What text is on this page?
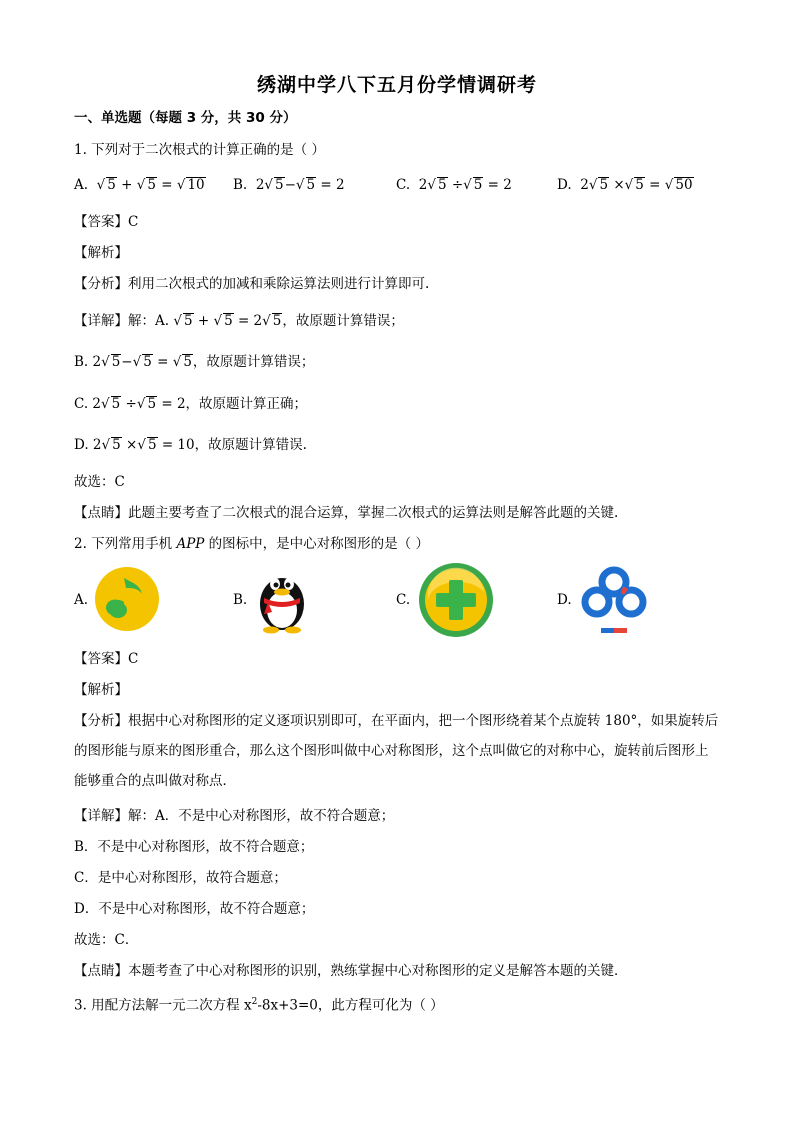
绣湖中学八下五月份学情调研考
一、单选题（每题 3 分，共 30 分）
1. 下列对于二次根式的计算正确的是（ ）
A.  √ 5 + √ 5 = √ 10 B. 2√ 5−√ 5 = 2	C. 2√ 5 ÷√ 5 = 2	D. 2√ 5 ×√ 5 = √ 50
【答案】C
【解析】
【分析】利用二次根式的加减和乘除运算法则进行计算即可.
【详解】解：A. √ 5 + √ 5 = 2√ 5，故原题计算错误；
B. 2√ 5−√ 5 = √ 5，故原题计算错误；
C. 2√ 5 ÷√ 5 = 2，故原题计算正确；
D. 2√ 5 ×√ 5 = 10，故原题计算错误.
故选：C
【点睛】此题主要考查了二次根式的混合运算，掌握二次根式的运算法则是解答此题的关键.
2. 下列常用手机 APP 的图标中，是中心对称图形的是（ ）
A.	B.	C.	D.
【答案】C
【解析】
【分析】根据中心对称图形的定义逐项识别即可，在平面内，把一个图形绕着某个点旋转 180°，如果旋转后的图形能与原来的图形重合，那么这个图形叫做中心对称图形，这个点叫做它的对称中心，旋转前后图形上能够重合的点叫做对称点．
【详解】解：A．不是中心对称图形，故不符合题意；
B．不是中心对称图形，故不符合题意；
C．是中心对称图形，故符合题意；
D．不是中心对称图形，故不符合题意；
故选：C．
【点睛】本题考查了中心对称图形的识别，熟练掌握中心对称图形的定义是解答本题的关键．
3. 用配方法解一元二次方程 $x^2-8x+3=0$，此方程可化为（ ）
